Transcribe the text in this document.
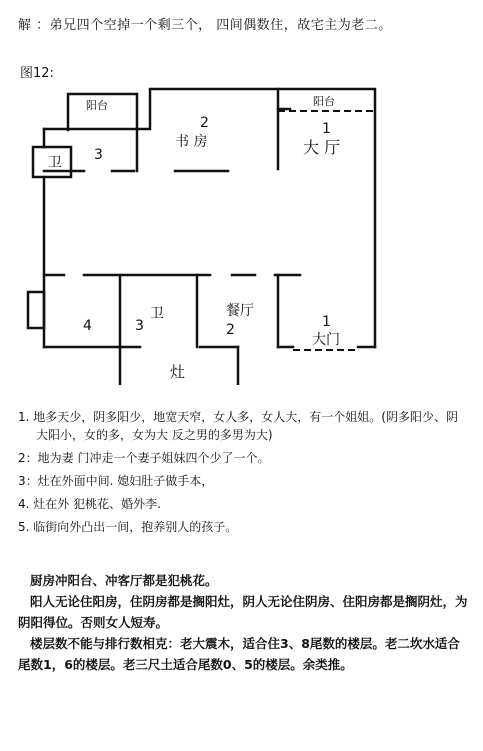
解 ：弟兄四个空掉一个剩三个， 四间偶数住，故宅主为老二。
图12:
阳台	阳台
卫 3
2
书 房
1
大 厅
4	3
卫	餐厅
2	1
大门
灶

1. 地多天少，阴多阳少，地宽天窄，女人多，女人大，有一个姐姐。(阴多阳少、阴大阳小，女的多，女为大 反之男的多男为大)

2：地为妻 门冲走一个妻子姐妹四个少了一个。

3：灶在外面中间. 媳妇肚子做手本，

4. 灶在外 犯桃花、婚外李.

5. 临街向外凸出一间，抱养别人的孩子。

厨房冲阳台、冲客厅都是犯桃花。

阳人无论住阳房，住阴房都是搁阳灶，阴人无论住阴房、住阳房都是搁阴灶，为阴阳得位。否则女人短寿。

楼层数不能与排行数相克：老大震木，适合住3、8尾数的楼层。老二坎水适合尾数1，6的楼层。老三尺土适合尾数0、5的楼层。余类推。
